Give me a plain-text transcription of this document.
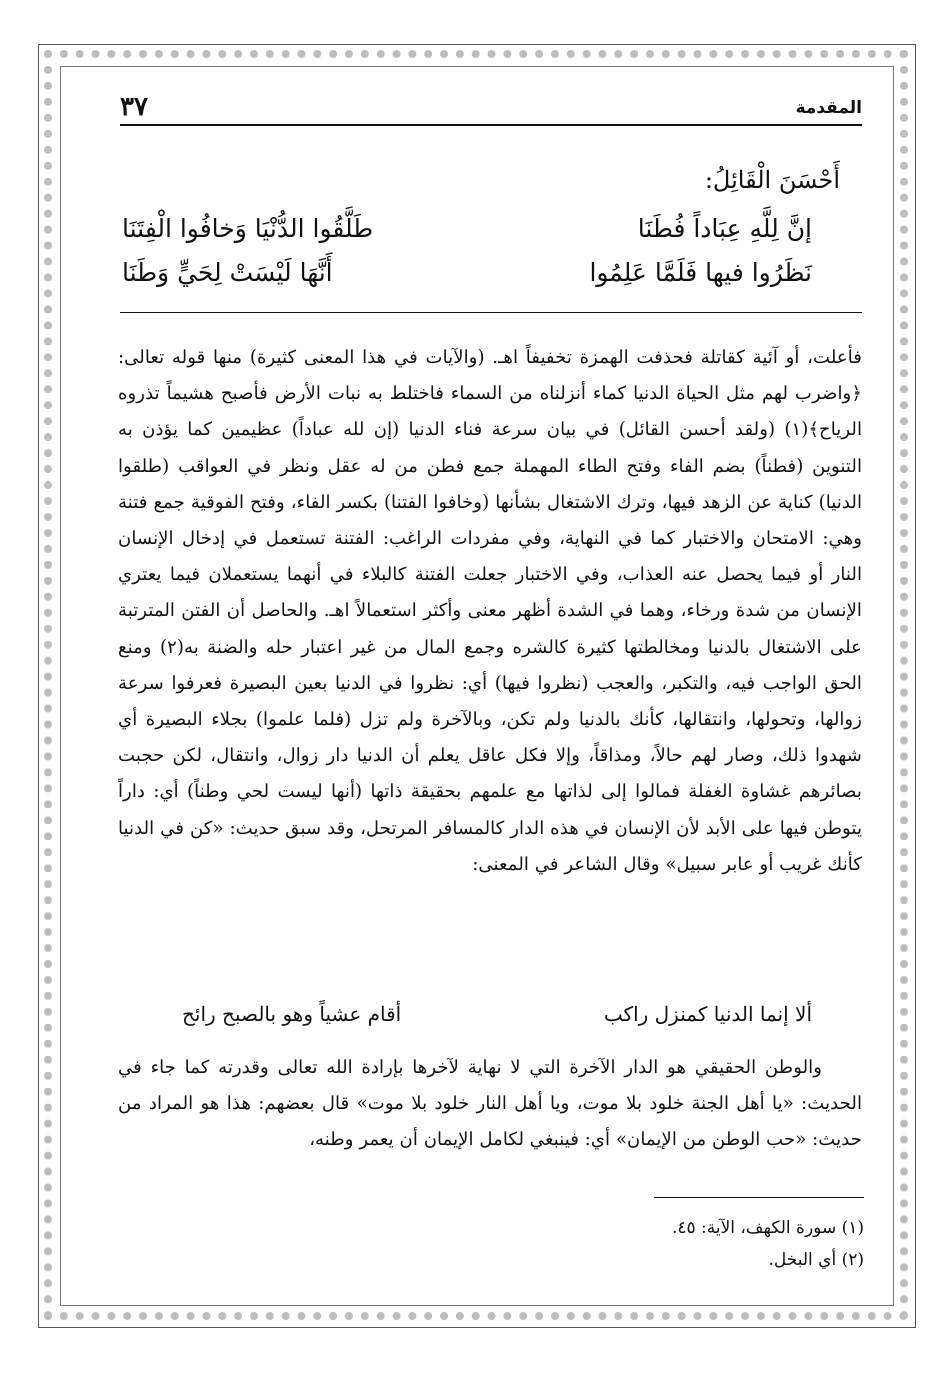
المقدمة
٣٧
أَحْسَنَ الْقَائِلُ:
إنَّ لِلَّهِ عِبَاداً فُطَنَا
طَلَّقُوا الدُّنْيَا وَخافُوا الْفِتَنَا
نَظَرُوا فيها فَلَمَّا عَلِمُوا
أَنَّهَا لَيْسَتْ لِحَيٍّ وَطَنَا

فأعلت، أو آئية كقاتلة فحذفت الهمزة تخفيفاً اهـ. (والآيات في هذا المعنى كثيرة) منها قوله تعالى: ﴿واضرب لهم مثل الحياة الدنيا كماء أنزلناه من السماء فاختلط به نبات الأرض فأصبح هشيماً تذروه الرياح﴾(١) (ولقد أحسن القائل) في بيان سرعة فناء الدنيا (إن لله عباداً) عظيمين كما يؤذن به التنوين (فطناً) بضم الفاء وفتح الطاء المهملة جمع فطن من له عقل ونظر في العواقب (طلقوا الدنيا) كناية عن الزهد فيها، وترك الاشتغال بشأنها (وخافوا الفتنا) بكسر الفاء، وفتح الفوقية جمع فتنة وهي: الامتحان والاختبار كما في النهاية، وفي مفردات الراغب: الفتنة تستعمل في إدخال الإنسان النار أو فيما يحصل عنه العذاب، وفي الاختبار جعلت الفتنة كالبلاء في أنهما يستعملان فيما يعتري الإنسان من شدة ورخاء، وهما في الشدة أظهر معنى وأكثر استعمالاً اهـ. والحاصل أن الفتن المترتبة على الاشتغال بالدنيا ومخالطتها كثيرة كالشره وجمع المال من غير اعتبار حله والضنة به(٢) ومنع الحق الواجب فيه، والتكبر، والعجب (نظروا فيها) أي: نظروا في الدنيا بعين البصيرة فعرفوا سرعة زوالها، وتحولها، وانتقالها، كأنك بالدنيا ولم تكن، وبالآخرة ولم تزل (فلما علموا) بجلاء البصيرة أي شهدوا ذلك، وصار لهم حالاً، ومذاقاً، وإلا فكل عاقل يعلم أن الدنيا دار زوال، وانتقال، لكن حجبت بصائرهم غشاوة الغفلة فمالوا إلى لذاتها مع علمهم بحقيقة ذاتها (أنها ليست لحي وطناً) أي: داراً يتوطن فيها على الأبد لأن الإنسان في هذه الدار كالمسافر المرتحل، وقد سبق حديث: «كن في الدنيا كأنك غريب أو عابر سبيل» وقال الشاعر في المعنى:

ألا إنما الدنيا كمنزل راكب
أقام عشياً وهو بالصبح رائح

والوطن الحقيقي هو الدار الآخرة التي لا نهاية لآخرها بإرادة الله تعالى وقدرته كما جاء في الحديث: «يا أهل الجنة خلود بلا موت، ويا أهل النار خلود بلا موت» قال بعضهم: هذا هو المراد من حديث: «حب الوطن من الإيمان» أي: فينبغي لكامل الإيمان أن يعمر وطنه،

(١) سورة الكهف، الآية: ٤٥.
(٢) أي البخل.
